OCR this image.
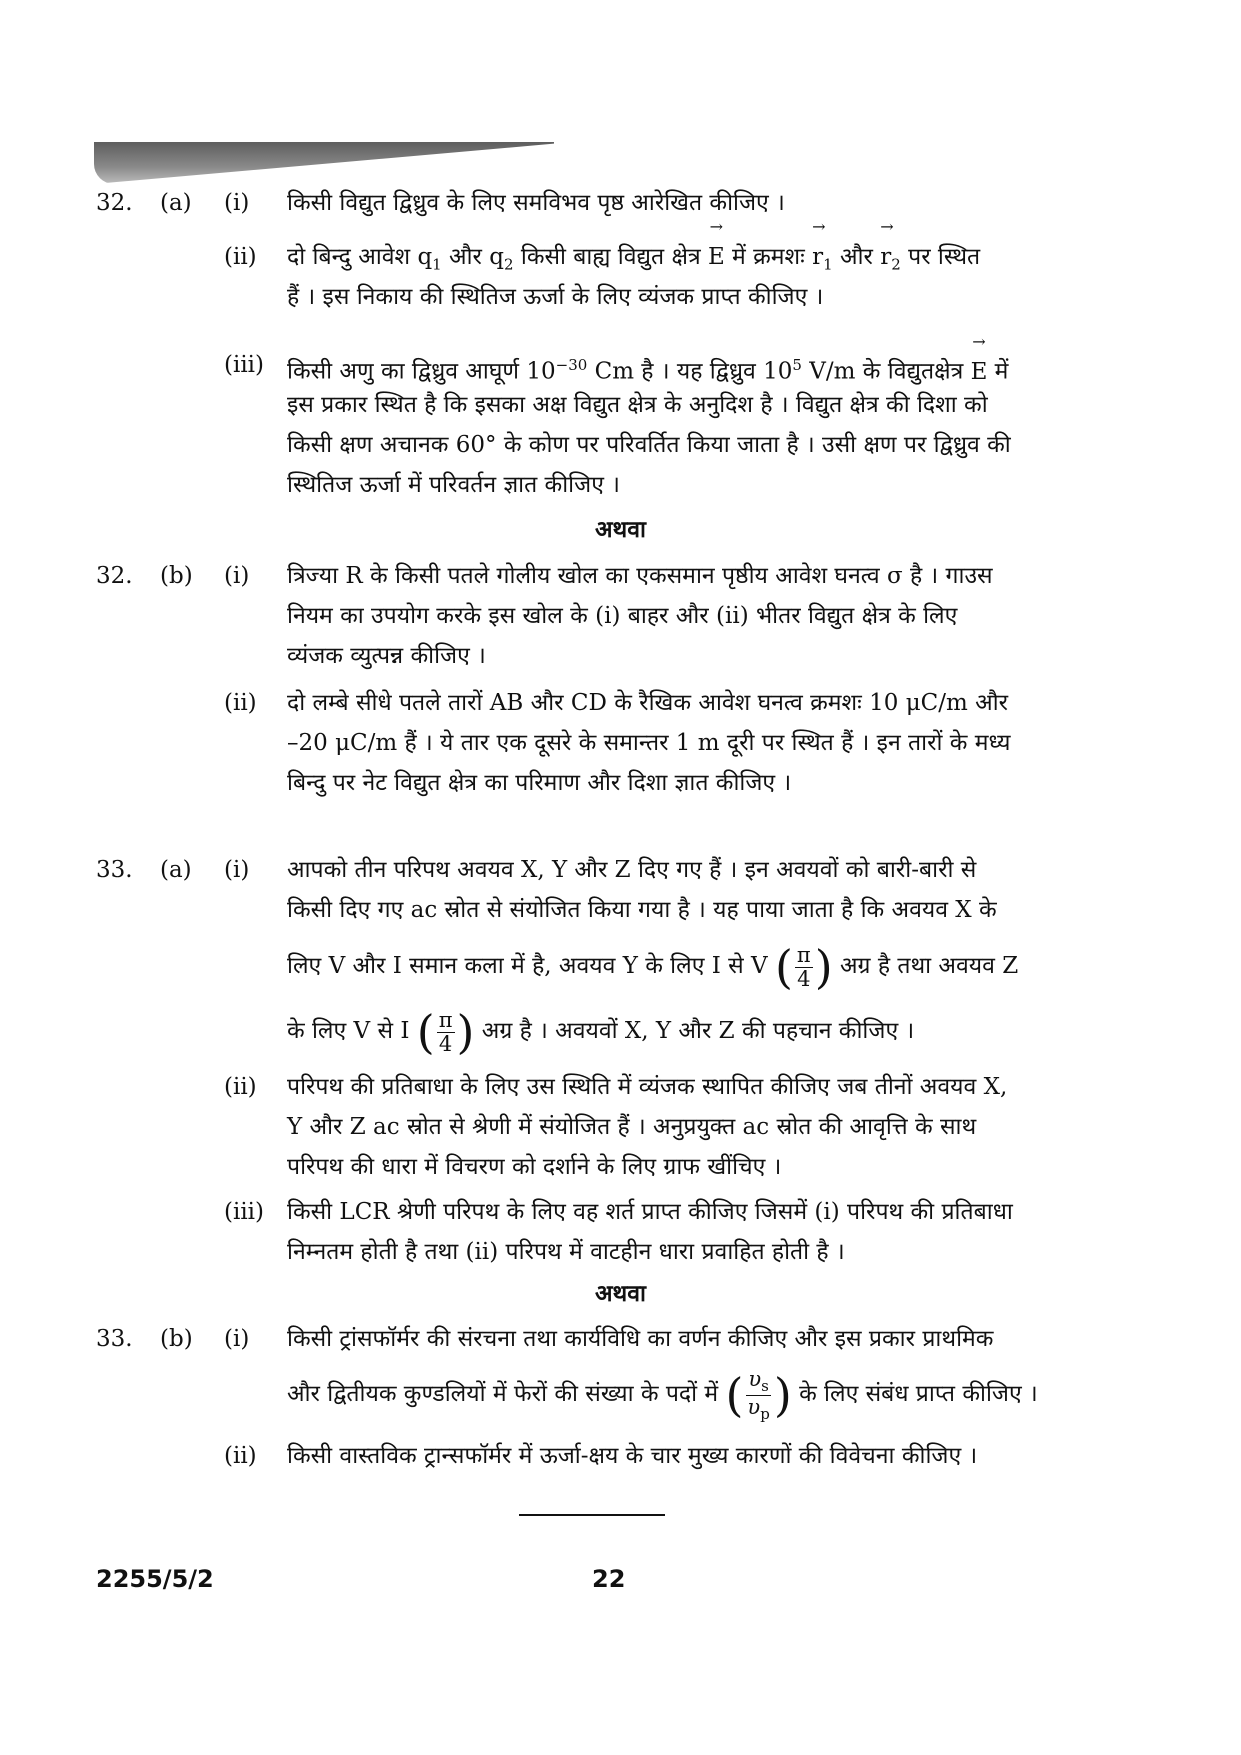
32. (a) (i) किसी विद्युत द्विध्रुव के लिए समविभव पृष्ठ आरेखित कीजिए ।
(ii) दो बिन्दु आवेश $q_1$ और $q_2$ किसी बाह्य विद्युत क्षेत्र → E में क्रमशः → $r_1$ और → $r_2$ पर स्थित
हैं । इस निकाय की स्थितिज ऊर्जा के लिए व्यंजक प्राप्त कीजिए ।
(iii) किसी अणु का द्विध्रुव आघूर्ण $10^{-30}$ Cm है । यह द्विध्रुव $10^5$ V/m के विद्युतक्षेत्र → E में
इस प्रकार स्थित है कि इसका अक्ष विद्युत क्षेत्र के अनुदिश है । विद्युत क्षेत्र की दिशा को
किसी क्षण अचानक 60° के कोण पर परिवर्तित किया जाता है । उसी क्षण पर द्विध्रुव की
स्थितिज ऊर्जा में परिवर्तन ज्ञात कीजिए ।
अथवा
32. (b) (i) त्रिज्या R के किसी पतले गोलीय खोल का एकसमान पृष्ठीय आवेश घनत्व σ है । गाउस
नियम का उपयोग करके इस खोल के (i) बाहर और (ii) भीतर विद्युत क्षेत्र के लिए
व्यंजक व्युत्पन्न कीजिए ।
(ii) दो लम्बे सीधे पतले तारों AB और CD के रैखिक आवेश घनत्व क्रमशः 10 μC/m और
–20 μC/m हैं । ये तार एक दूसरे के समान्तर 1 m दूरी पर स्थित हैं । इन तारों के मध्य
बिन्दु पर नेट विद्युत क्षेत्र का परिमाण और दिशा ज्ञात कीजिए ।
33. (a) (i) आपको तीन परिपथ अवयव X, Y और Z दिए गए हैं । इन अवयवों को बारी-बारी से
किसी दिए गए ac स्रोत से संयोजित किया गया है । यह पाया जाता है कि अवयव X के
लिए V और I समान कला में है, अवयव Y के लिए I से V ( π
4 ) अग्र है तथा अवयव Z
के लिए V से I ( π
4 ) अग्र है । अवयवों X, Y और Z की पहचान कीजिए ।
(ii) परिपथ की प्रतिबाधा के लिए उस स्थिति में व्यंजक स्थापित कीजिए जब तीनों अवयव X,
Y और Z ac स्रोत से श्रेणी में संयोजित हैं । अनुप्रयुक्त ac स्रोत की आवृत्ति के साथ
परिपथ की धारा में विचरण को दर्शाने के लिए ग्राफ खींचिए ।
(iii) किसी LCR श्रेणी परिपथ के लिए वह शर्त प्राप्त कीजिए जिसमें (i) परिपथ की प्रतिबाधा
निम्नतम होती है तथा (ii) परिपथ में वाटहीन धारा प्रवाहित होती है ।
अथवा
33. (b) (i) किसी ट्रांसफॉर्मर की संरचना तथा कार्यविधि का वर्णन कीजिए और इस प्रकार प्राथमिक
और द्वितीयक कुण्डलियों में फेरों की संख्या के पदों में ( $\upsilon_s$
$\upsilon_p$ ) के लिए संबंध प्राप्त कीजिए ।
(ii) किसी वास्तविक ट्रान्सफॉर्मर में ऊर्जा-क्षय के चार मुख्य कारणों की विवेचना कीजिए ।
2255/5/2	22
